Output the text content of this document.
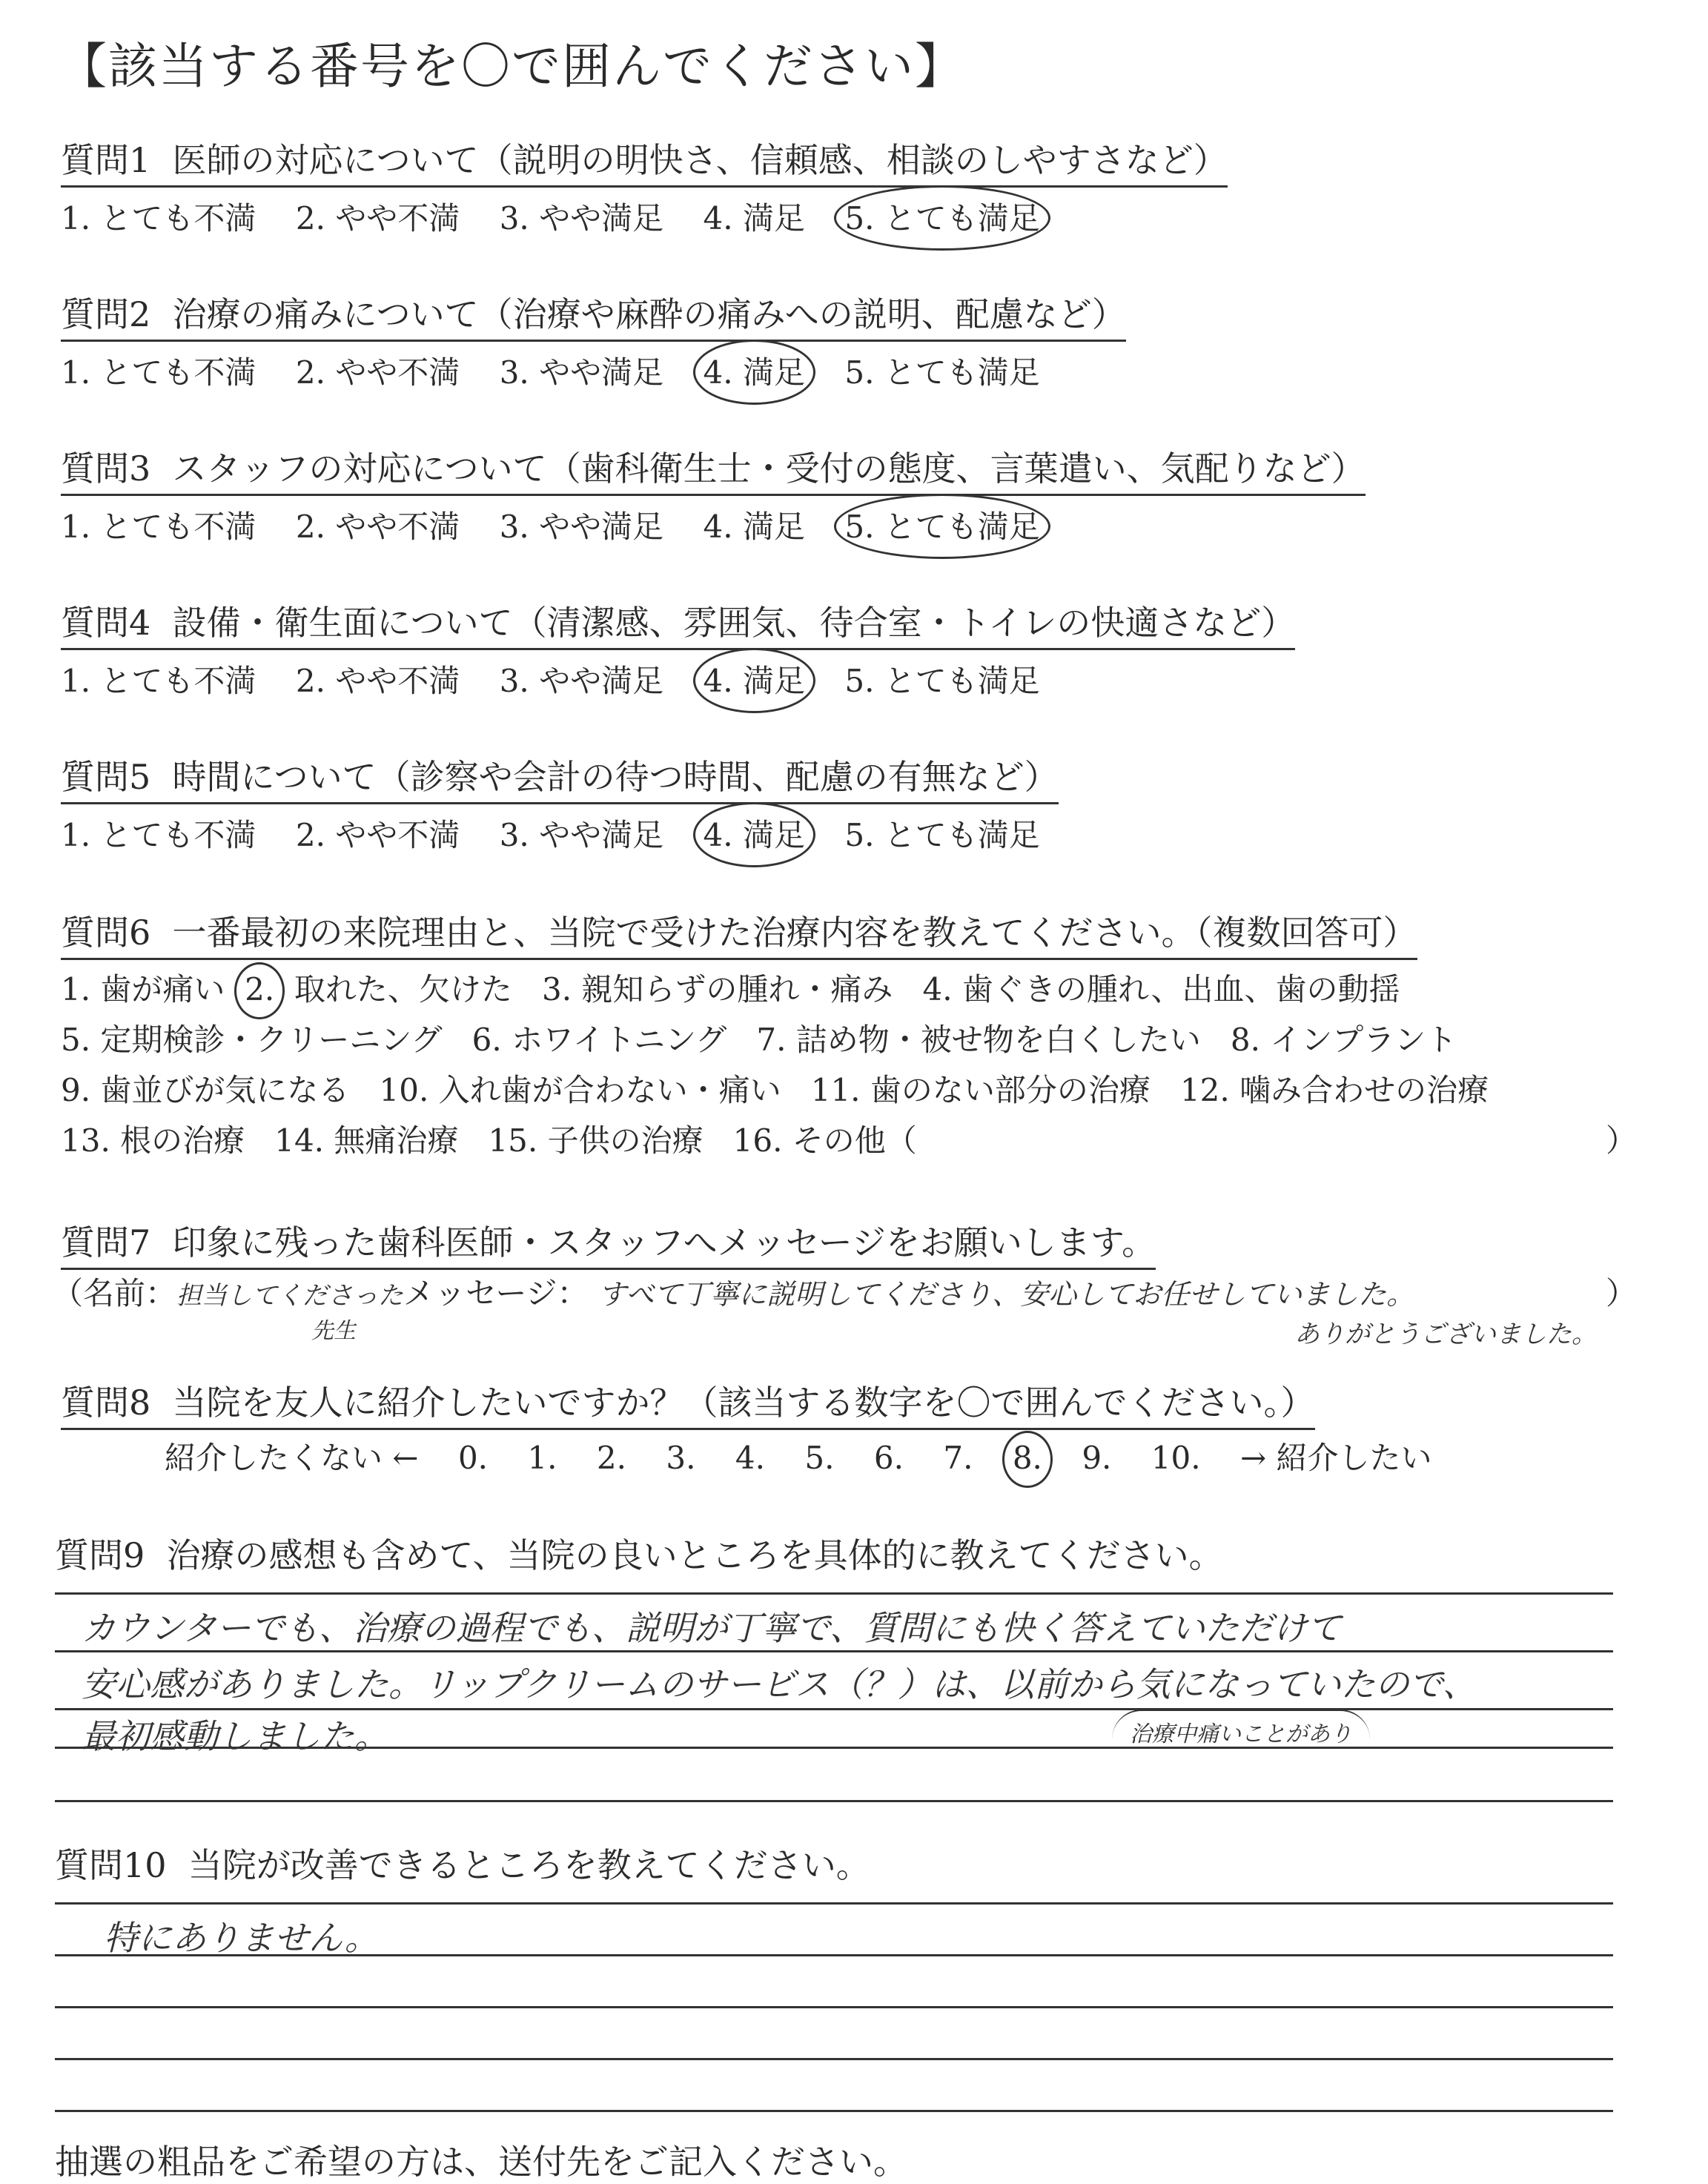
【該当する番号を〇で囲んでください】
質問1 医師の対応について（説明の明快さ、信頼感、相談のしやすさなど）
1. とても不満 2. やや不満 3. やや満足 4. 満足 5. とても満足
質問2 治療の痛みについて（治療や麻酔の痛みへの説明、配慮など）
1. とても不満 2. やや不満 3. やや満足 4. 満足 5. とても満足
質問3 スタッフの対応について（歯科衛生士・受付の態度、言葉遣い、気配りなど）
1. とても不満 2. やや不満 3. やや満足 4. 満足 5. とても満足
質問4 設備・衛生面について（清潔感、雰囲気、待合室・トイレの快適さなど）
1. とても不満 2. やや不満 3. やや満足 4. 満足 5. とても満足
質問5 時間について（診察や会計の待つ時間、配慮の有無など）
1. とても不満 2. やや不満 3. やや満足 4. 満足 5. とても満足
質問6 一番最初の来院理由と、当院で受けた治療内容を教えてください。（複数回答可）
1. 歯が痛い 2. 取れた、欠けた 3. 親知らずの腫れ・痛み 4. 歯ぐきの腫れ、出血、歯の動揺
5. 定期検診・クリーニング 6. ホワイトニング 7. 詰め物・被せ物を白くしたい 8. インプラント
9. 歯並びが気になる 10. 入れ歯が合わない・痛い 11. 歯のない部分の治療 12. 噛み合わせの治療
13. 根の治療 14. 無痛治療 15. 子供の治療 16. その他（	）
質問7 印象に残った歯科医師・スタッフへメッセージをお願いします。
（名前：担当してくださったメッセージ： すべて丁寧に説明してくださり、安心してお任せしていました。
先生
）
ありがとうございました。
質問8 当院を友人に紹介したいですか？（該当する数字を〇で囲んでください。）
紹介したくない ← 0. 1. 2. 3. 4. 5. 6. 7. 8. 9. 10. → 紹介したい
質問9 治療の感想も含めて、当院の良いところを具体的に教えてください。
カウンターでも、治療の過程でも、説明が丁寧で、質問にも快く答えていただけて
安心感がありました。リップクリームのサービス（？）は、以前から気になっていたので、
最初感動しました。	治療中痛いことがあり
質問10 当院が改善できるところを教えてください。
特にありません。
抽選の粗品をご希望の方は、送付先をご記入ください。
